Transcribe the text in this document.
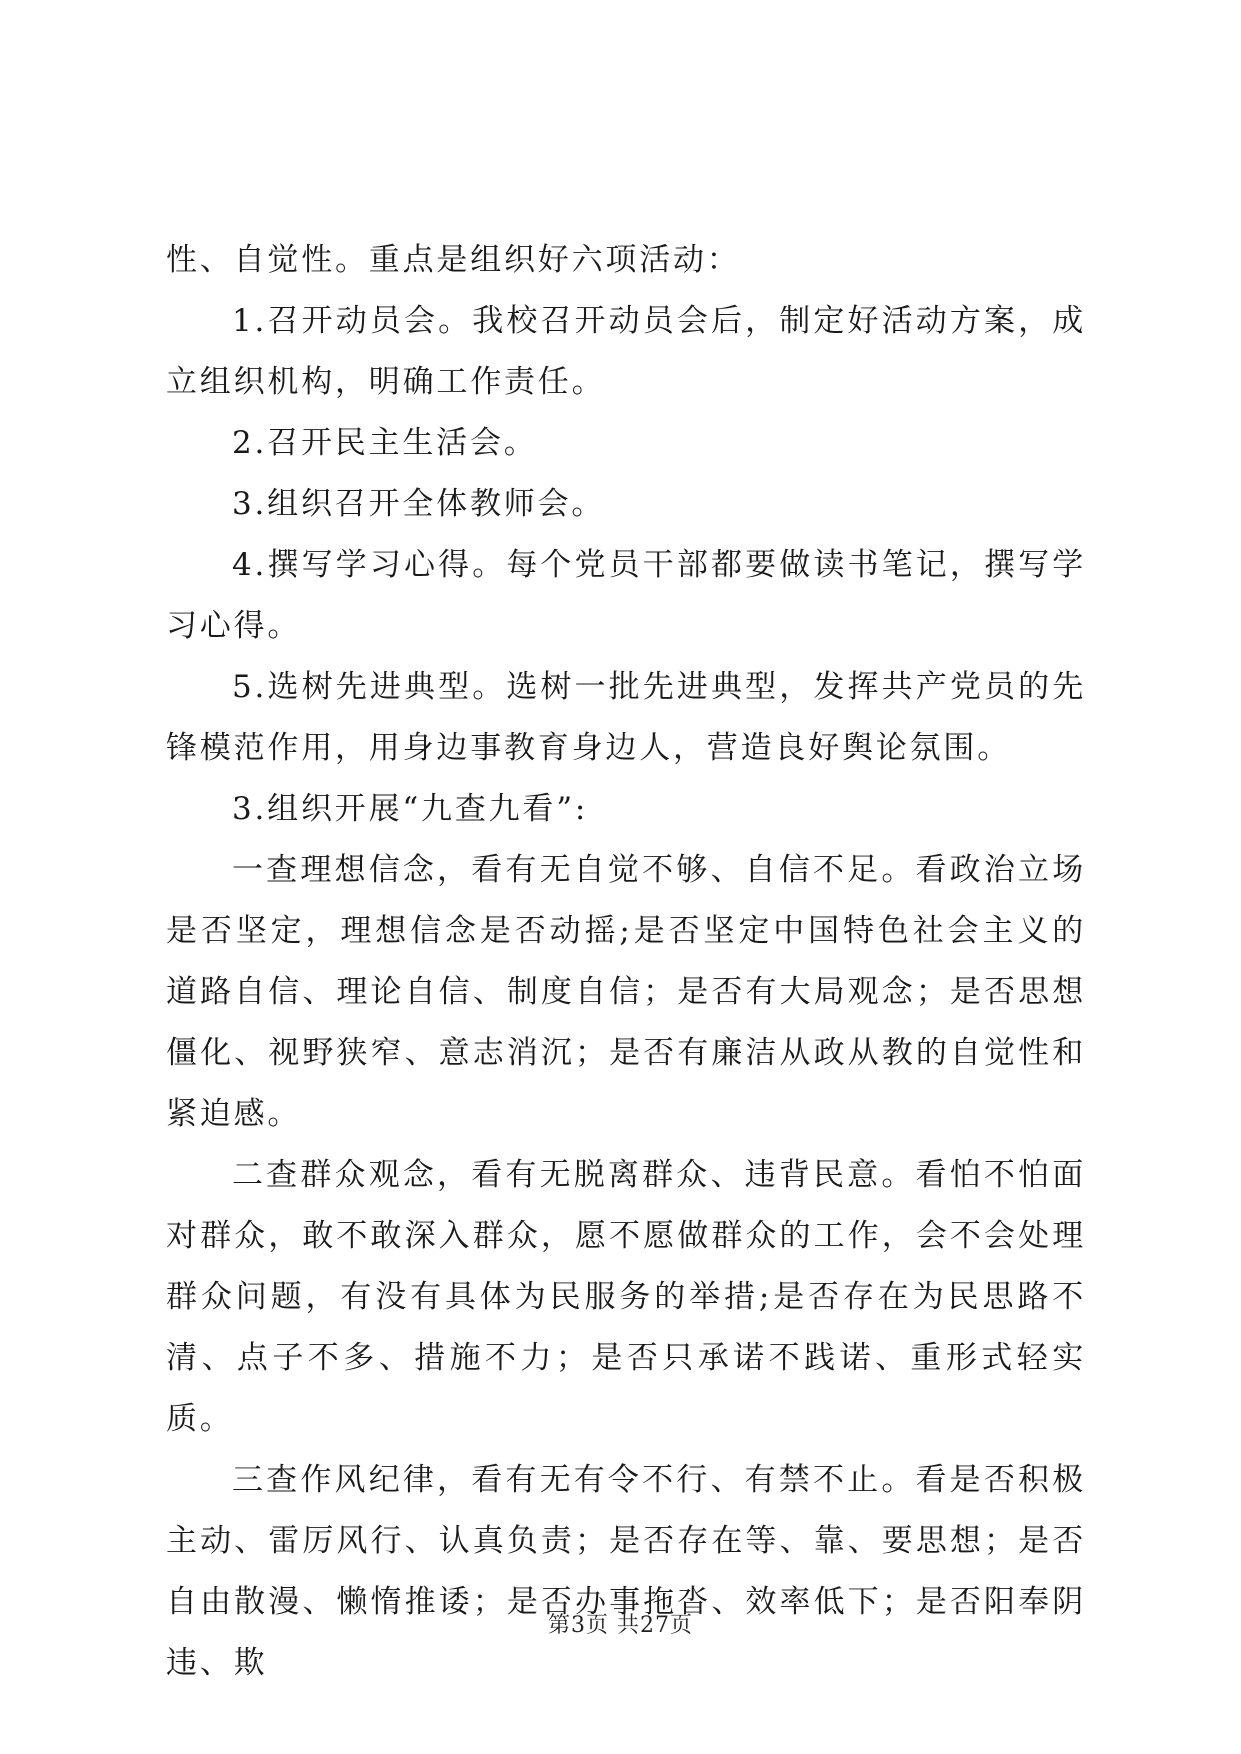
性、自觉性。重点是组织好六项活动：

1.召开动员会。我校召开动员会后，制定好活动方案，成立组织机构，明确工作责任。

2.召开民主生活会。

3.组织召开全体教师会。

4.撰写学习心得。每个党员干部都要做读书笔记，撰写学习心得。

5.选树先进典型。选树一批先进典型，发挥共产党员的先锋模范作用，用身边事教育身边人，营造良好舆论氛围。

3.组织开展“九查九看”:

一查理想信念，看有无自觉不够、自信不足。看政治立场是否坚定，理想信念是否动摇;是否坚定中国特色社会主义的道路自信、理论自信、制度自信；是否有大局观念；是否思想僵化、视野狭窄、意志消沉；是否有廉洁从政从教的自觉性和紧迫感。

二查群众观念，看有无脱离群众、违背民意。看怕不怕面对群众，敢不敢深入群众，愿不愿做群众的工作，会不会处理群众问题，有没有具体为民服务的举措;是否存在为民思路不清、点子不多、措施不力；是否只承诺不践诺、重形式轻实质。

三查作风纪律，看有无有令不行、有禁不止。看是否积极主动、雷厉风行、认真负责；是否存在等、靠、要思想；是否自由散漫、懒惰推诿；是否办事拖沓、效率低下；是否阳奉阴违、欺

第3页 共27页
